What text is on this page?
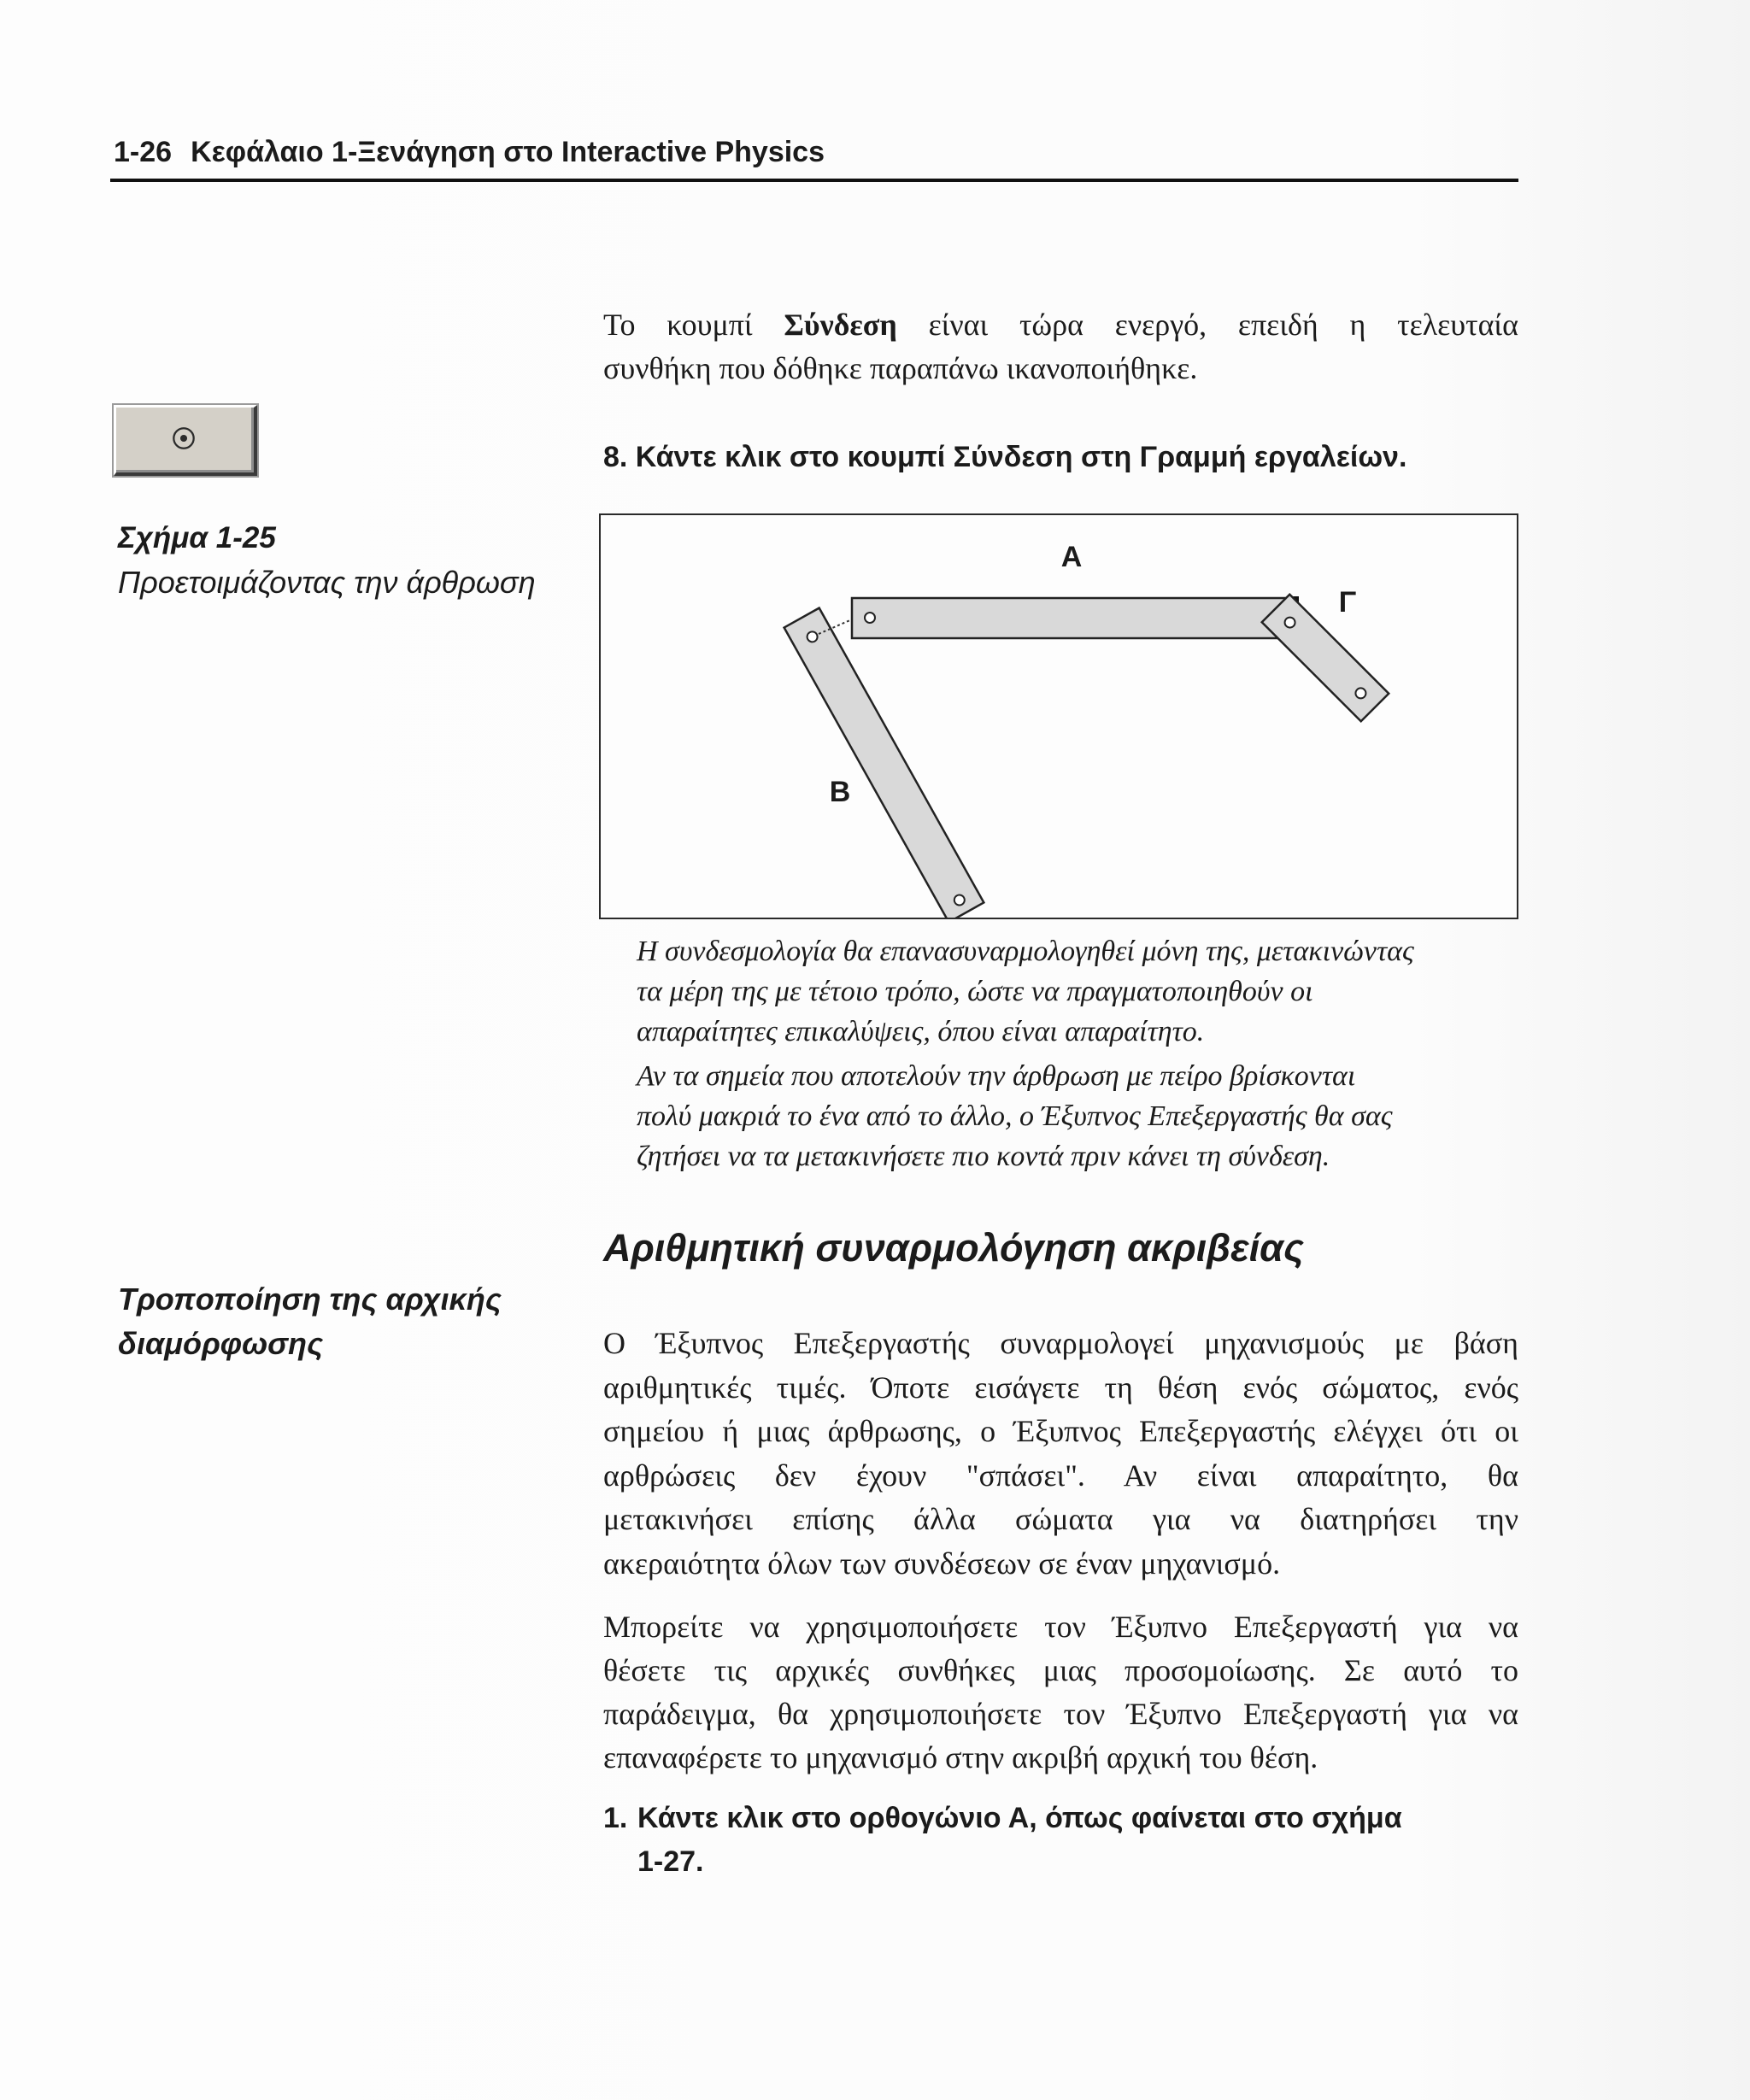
1-26 Κεφάλαιο 1-Ξενάγηση στο Interactive Physics
Το κουμπί Σύνδεση είναι τώρα ενεργό, επειδή η τελευταία
συνθήκη που δόθηκε παραπάνω ικανοποιήθηκε.
8. Κάντε κλικ στο κουμπί Σύνδεση στη Γραμμή εργαλείων.
Σχήμα 1-25
Προετοιμάζοντας την άρθρωση
Α
Γ
Β
Η συνδεσμολογία θα επανασυναρμολογηθεί μόνη της, μετακινώντας
τα μέρη της με τέτοιο τρόπο, ώστε να πραγματοποιηθούν οι
απαραίτητες επικαλύψεις, όπου είναι απαραίτητο.
Αν τα σημεία που αποτελούν την άρθρωση με πείρο βρίσκονται
πολύ μακριά το ένα από το άλλο, ο Έξυπνος Επεξεργαστής θα σας
ζητήσει να τα μετακινήσετε πιο κοντά πριν κάνει τη σύνδεση.
Αριθμητική συναρμολόγηση ακριβείας
Τροποποίηση της αρχικής
διαμόρφωσης	Ο Έξυπνος Επεξεργαστής συναρμολογεί μηχανισμούς με βάση
αριθμητικές τιμές. Όποτε εισάγετε τη θέση ενός σώματος, ενός
σημείου ή μιας άρθρωσης, ο Έξυπνος Επεξεργαστής ελέγχει ότι οι
αρθρώσεις δεν έχουν "σπάσει". Αν είναι απαραίτητο, θα
μετακινήσει επίσης άλλα σώματα για να διατηρήσει την
ακεραιότητα όλων των συνδέσεων σε έναν μηχανισμό.
Μπορείτε να χρησιμοποιήσετε τον Έξυπνο Επεξεργαστή για να
θέσετε τις αρχικές συνθήκες μιας προσομοίωσης. Σε αυτό το
παράδειγμα, θα χρησιμοποιήσετε τον Έξυπνο Επεξεργαστή για να
επαναφέρετε το μηχανισμό στην ακριβή αρχική του θέση.
1. Κάντε κλικ στο ορθογώνιο Α, όπως φαίνεται στο σχήμα
1-27.
